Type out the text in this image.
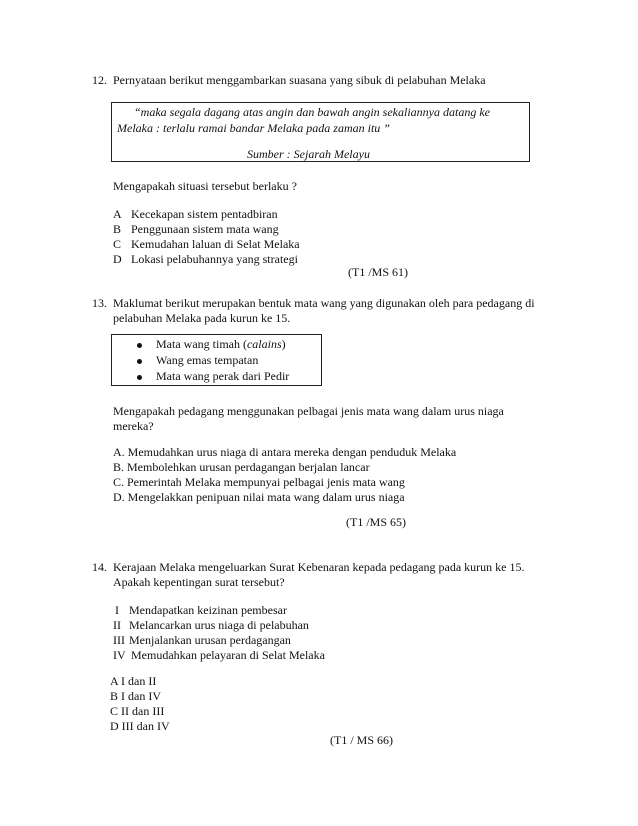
12. Pernyataan berikut menggambarkan suasana yang sibuk di pelabuhan Melaka
“maka segala dagang atas angin dan bawah angin sekaliannya datang ke
Melaka : terlalu ramai bandar Melaka pada zaman itu ”
Sumber : Sejarah Melayu
Mengapakah situasi tersebut berlaku ?
A Kecekapan sistem pentadbiran
B Penggunaan sistem mata wang
C Kemudahan laluan di Selat Melaka
D Lokasi pelabuhannya yang strategi
(T1 /MS 61)
13. Maklumat berikut merupakan bentuk mata wang yang digunakan oleh para pedagang di
pelabuhan Melaka pada kurun ke 15.
Mata wang timah (calains)
Wang emas tempatan
Mata wang perak dari Pedir
Mengapakah pedagang menggunakan pelbagai jenis mata wang dalam urus niaga
mereka?
A. Memudahkan urus niaga di antara mereka dengan penduduk Melaka
B. Membolehkan urusan perdagangan berjalan lancar
C. Pemerintah Melaka mempunyai pelbagai jenis mata wang
D. Mengelakkan penipuan nilai mata wang dalam urus niaga
(T1 /MS 65)
14. Kerajaan Melaka mengeluarkan Surat Kebenaran kepada pedagang pada kurun ke 15.
Apakah kepentingan surat tersebut?
I Mendapatkan keizinan pembesar
II Melancarkan urus niaga di pelabuhan
III Menjalankan urusan perdagangan
IV Memudahkan pelayaran di Selat Melaka
A I dan II
B I dan IV
C II dan III
D III dan IV
(T1 / MS 66)
